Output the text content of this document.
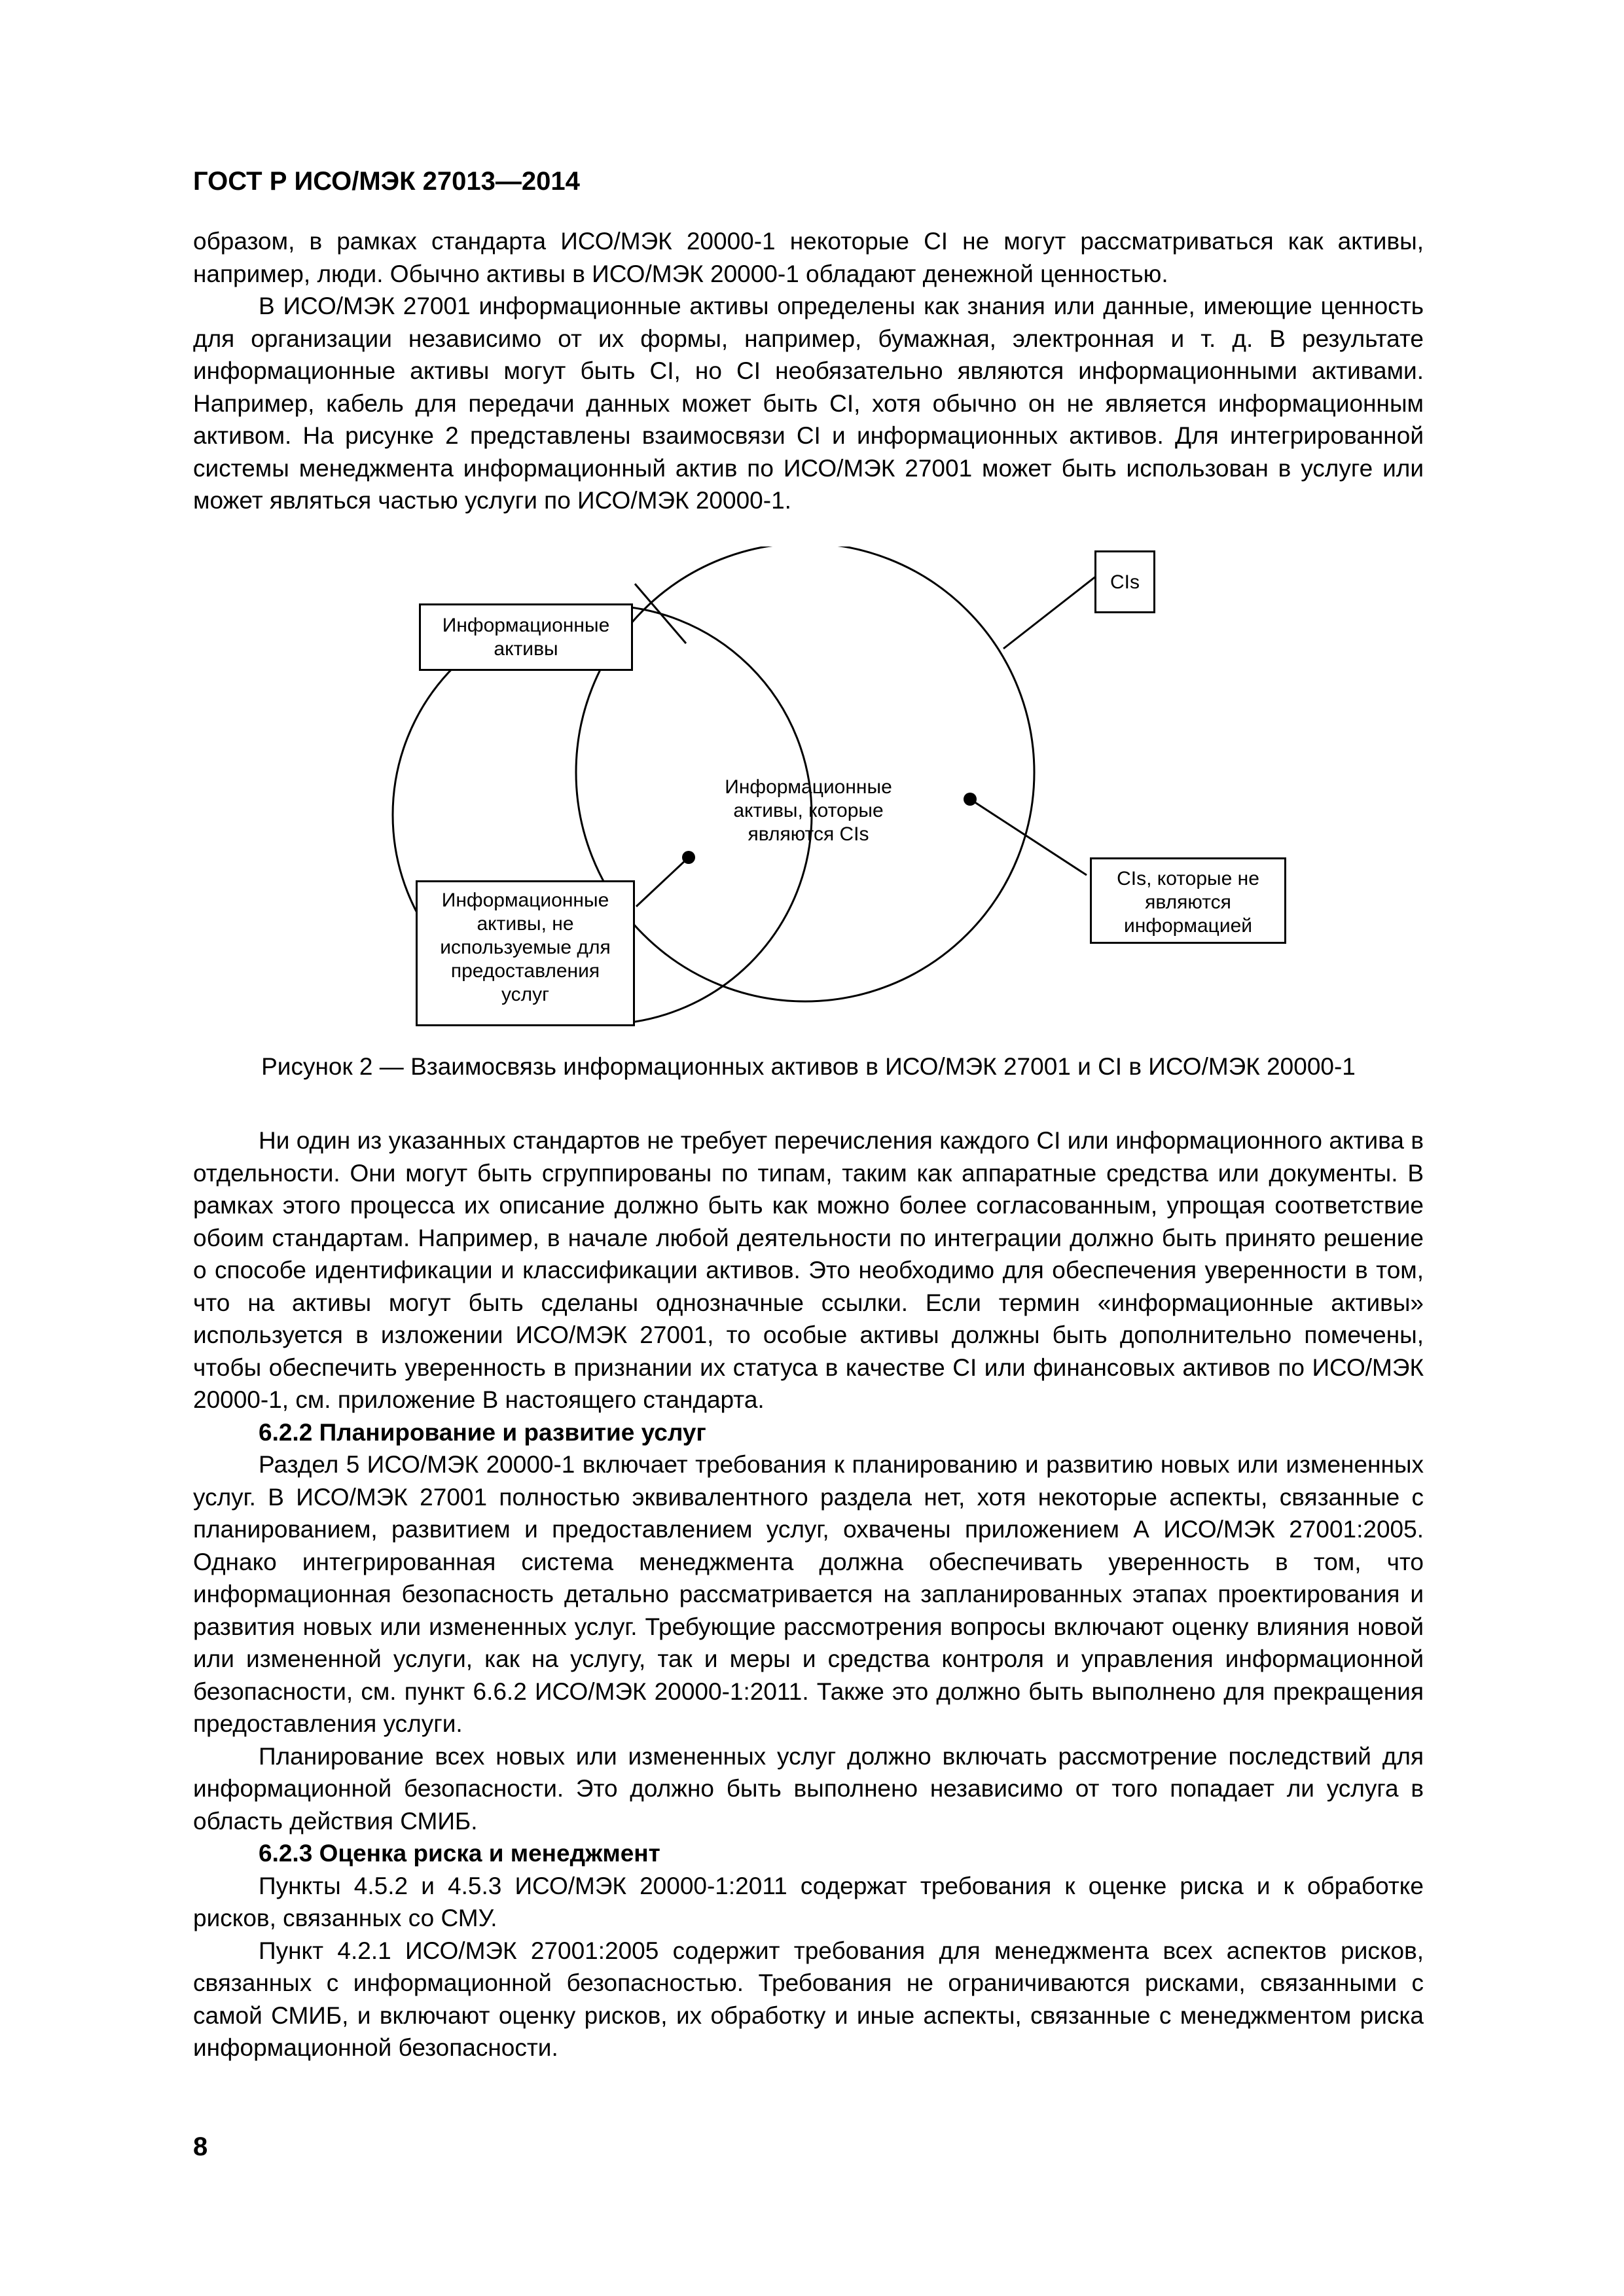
ГОСТ Р ИСО/МЭК 27013—2014

образом, в рамках стандарта ИСО/МЭК 20000-1 некоторые CI не могут рассматриваться как активы, например, люди. Обычно активы в ИСО/МЭК 20000-1 обладают денежной ценностью.

В ИСО/МЭК 27001 информационные активы определены как знания или данные, имеющие ценность для организации независимо от их формы, например, бумажная, электронная и т. д. В результате информационные активы могут быть CI, но CI необязательно являются информационными активами. Например, кабель для передачи данных может быть CI, хотя обычно он не является информационным активом. На рисунке 2 представлены взаимосвязи CI и информационных активов. Для интегрированной системы менеджмента информационный актив по ИСО/МЭК 27001 может быть использован в услуге или может являться частью услуги по ИСО/МЭК 20000-1.

CIs
Информационные
активы
Информационные
активы, которые
являются CIs
Информационные
активы, не
используемые для
предоставления
услуг
CIs, которые не
являются
информацией
Рисунок 2 — Взаимосвязь информационных активов в ИСО/МЭК 27001 и CI в ИСО/МЭК 20000-1

Ни один из указанных стандартов не требует перечисления каждого CI или информационного актива в отдельности. Они могут быть сгруппированы по типам, таким как аппаратные средства или документы. В рамках этого процесса их описание должно быть как можно более согласованным, упрощая соответствие обоим стандартам. Например, в начале любой деятельности по интеграции должно быть принято решение о способе идентификации и классификации активов. Это необходимо для обеспечения уверенности в том, что на активы могут быть сделаны однозначные ссылки. Если термин «информационные активы» используется в изложении ИСО/МЭК 27001, то особые активы должны быть дополнительно помечены, чтобы обеспечить уверенность в признании их статуса в качестве CI или финансовых активов по ИСО/МЭК 20000-1, см. приложение В настоящего стандарта.

6.2.2 Планирование и развитие услуг

Раздел 5 ИСО/МЭК 20000-1 включает требования к планированию и развитию новых или измененных услуг. В ИСО/МЭК 27001 полностью эквивалентного раздела нет, хотя некоторые аспекты, связанные с планированием, развитием и предоставлением услуг, охвачены приложением А ИСО/МЭК 27001:2005. Однако интегрированная система менеджмента должна обеспечивать уверенность в том, что информационная безопасность детально рассматривается на запланированных этапах проектирования и развития новых или измененных услуг. Требующие рассмотрения вопросы включают оценку влияния новой или измененной услуги, как на услугу, так и меры и средства контроля и управления информационной безопасности, см. пункт 6.6.2 ИСО/МЭК 20000-1:2011. Также это должно быть выполнено для прекращения предоставления услуги.

Планирование всех новых или измененных услуг должно включать рассмотрение последствий для информационной безопасности. Это должно быть выполнено независимо от того попадает ли услуга в область действия СМИБ.

6.2.3 Оценка риска и менеджмент

Пункты 4.5.2 и 4.5.3 ИСО/МЭК 20000-1:2011 содержат требования к оценке риска и к обработке рисков, связанных со СМУ.

Пункт 4.2.1 ИСО/МЭК 27001:2005 содержит требования для менеджмента всех аспектов рисков, связанных с информационной безопасностью. Требования не ограничиваются рисками, связанными с самой СМИБ, и включают оценку рисков, их обработку и иные аспекты, связанные с менеджментом риска информационной безопасности.

8
